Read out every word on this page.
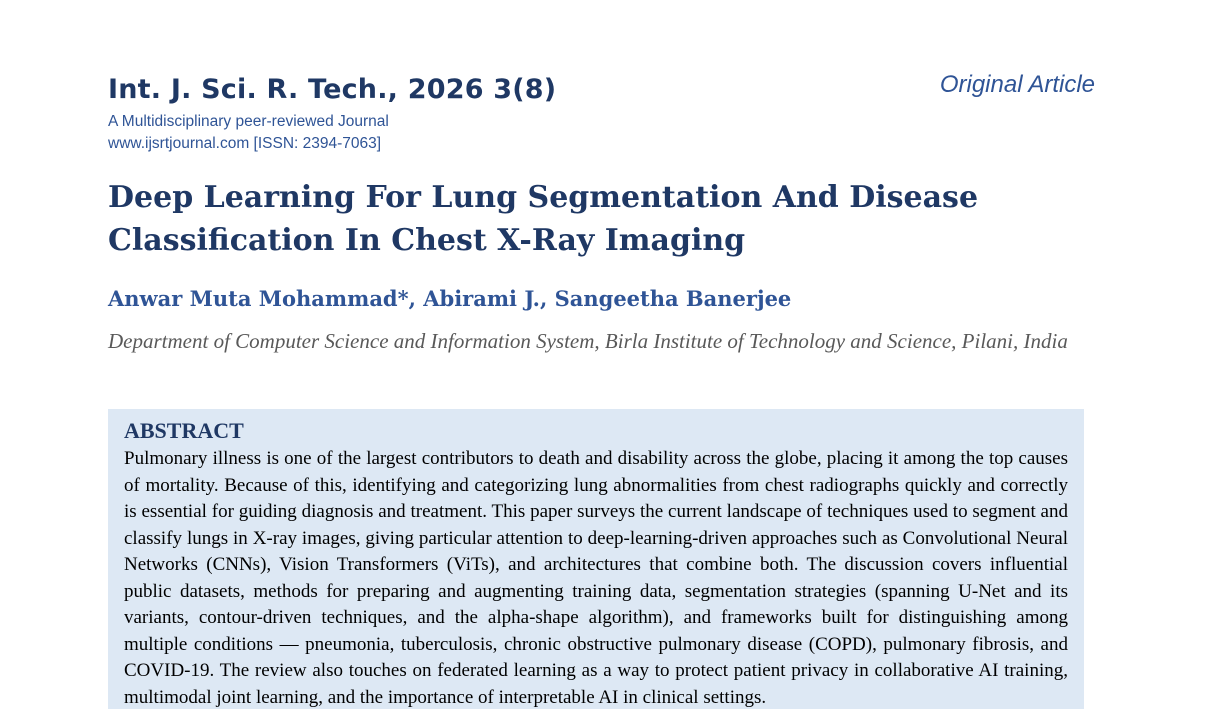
Int. J. Sci. R. Tech., 2026 3(8)
A Multidisciplinary peer-reviewed Journal
www.ijsrtjournal.com [ISSN: 2394-7063]
Original Article
Deep Learning For Lung Segmentation And Disease Classification In Chest X-Ray Imaging
Anwar Muta Mohammad*, Abirami J., Sangeetha Banerjee
Department of Computer Science and Information System, Birla Institute of Technology and Science, Pilani, India
ABSTRACT

Pulmonary illness is one of the largest contributors to death and disability across the globe, placing it among the top causes of mortality. Because of this, identifying and categorizing lung abnormalities from chest radiographs quickly and correctly is essential for guiding diagnosis and treatment. This paper surveys the current landscape of techniques used to segment and classify lungs in X-ray images, giving particular attention to deep-learning-driven approaches such as Convolutional Neural Networks (CNNs), Vision Transformers (ViTs), and architectures that combine both. The discussion covers influential public datasets, methods for preparing and augmenting training data, segmentation strategies (spanning U-Net and its variants, contour-driven techniques, and the alpha-shape algorithm), and frameworks built for distinguishing among multiple conditions — pneumonia, tuberculosis, chronic obstructive pulmonary disease (COPD), pulmonary fibrosis, and COVID-19. The review also touches on federated learning as a way to protect patient privacy in collaborative AI training, multimodal joint learning, and the importance of interpretable AI in clinical settings.
